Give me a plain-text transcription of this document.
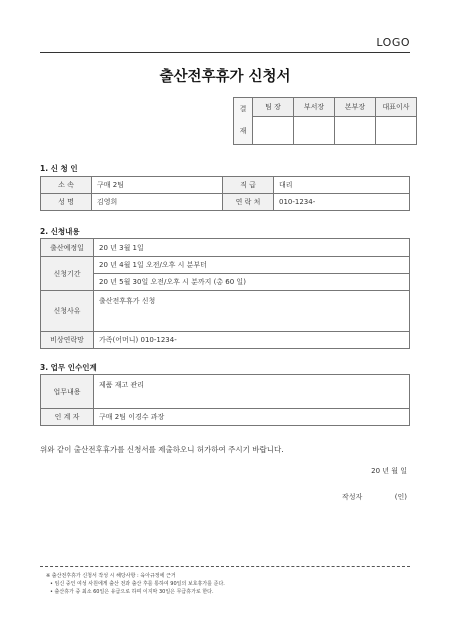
LOGO
출산전후휴가 신청서
결
재	팀 장	부서장	본부장	대표이사

1. 신 청 인
소 속	구매 2팀	직 급	대리
성 명	김영희	연 락 처	010-1234-
2. 신청내용
출산예정일	20 년 3월 1일
신청기간	20 년 4월 1일 오전/오후 시 분부터
	20 년 5월 30일 오전/오후 시 분까지 (총 60 일)
신청사유	출산전후휴가 신청
비상연락망	가족(어머니) 010-1234-
3. 업무 인수인계
업무내용	제품 재고 관리
인 계 자	구매 2팀 이경수 과장
위와 같이 출산전후휴가를 신청서를 제출하오니 허가하여 주시기 바랍니다.
20 년 월 일
작성자	(인)
※ 출산전후휴가 신청서 작성 시 해당사항 : 육아규정에 근거
• 임신 중인 여성 사원에게 출산 전과 출산 후를 통하여 90일의 보호휴가를 준다.
• 출산휴가 중 최소 60일은 유급으로 하며 이지막 30일은 무급휴가로 한다.
